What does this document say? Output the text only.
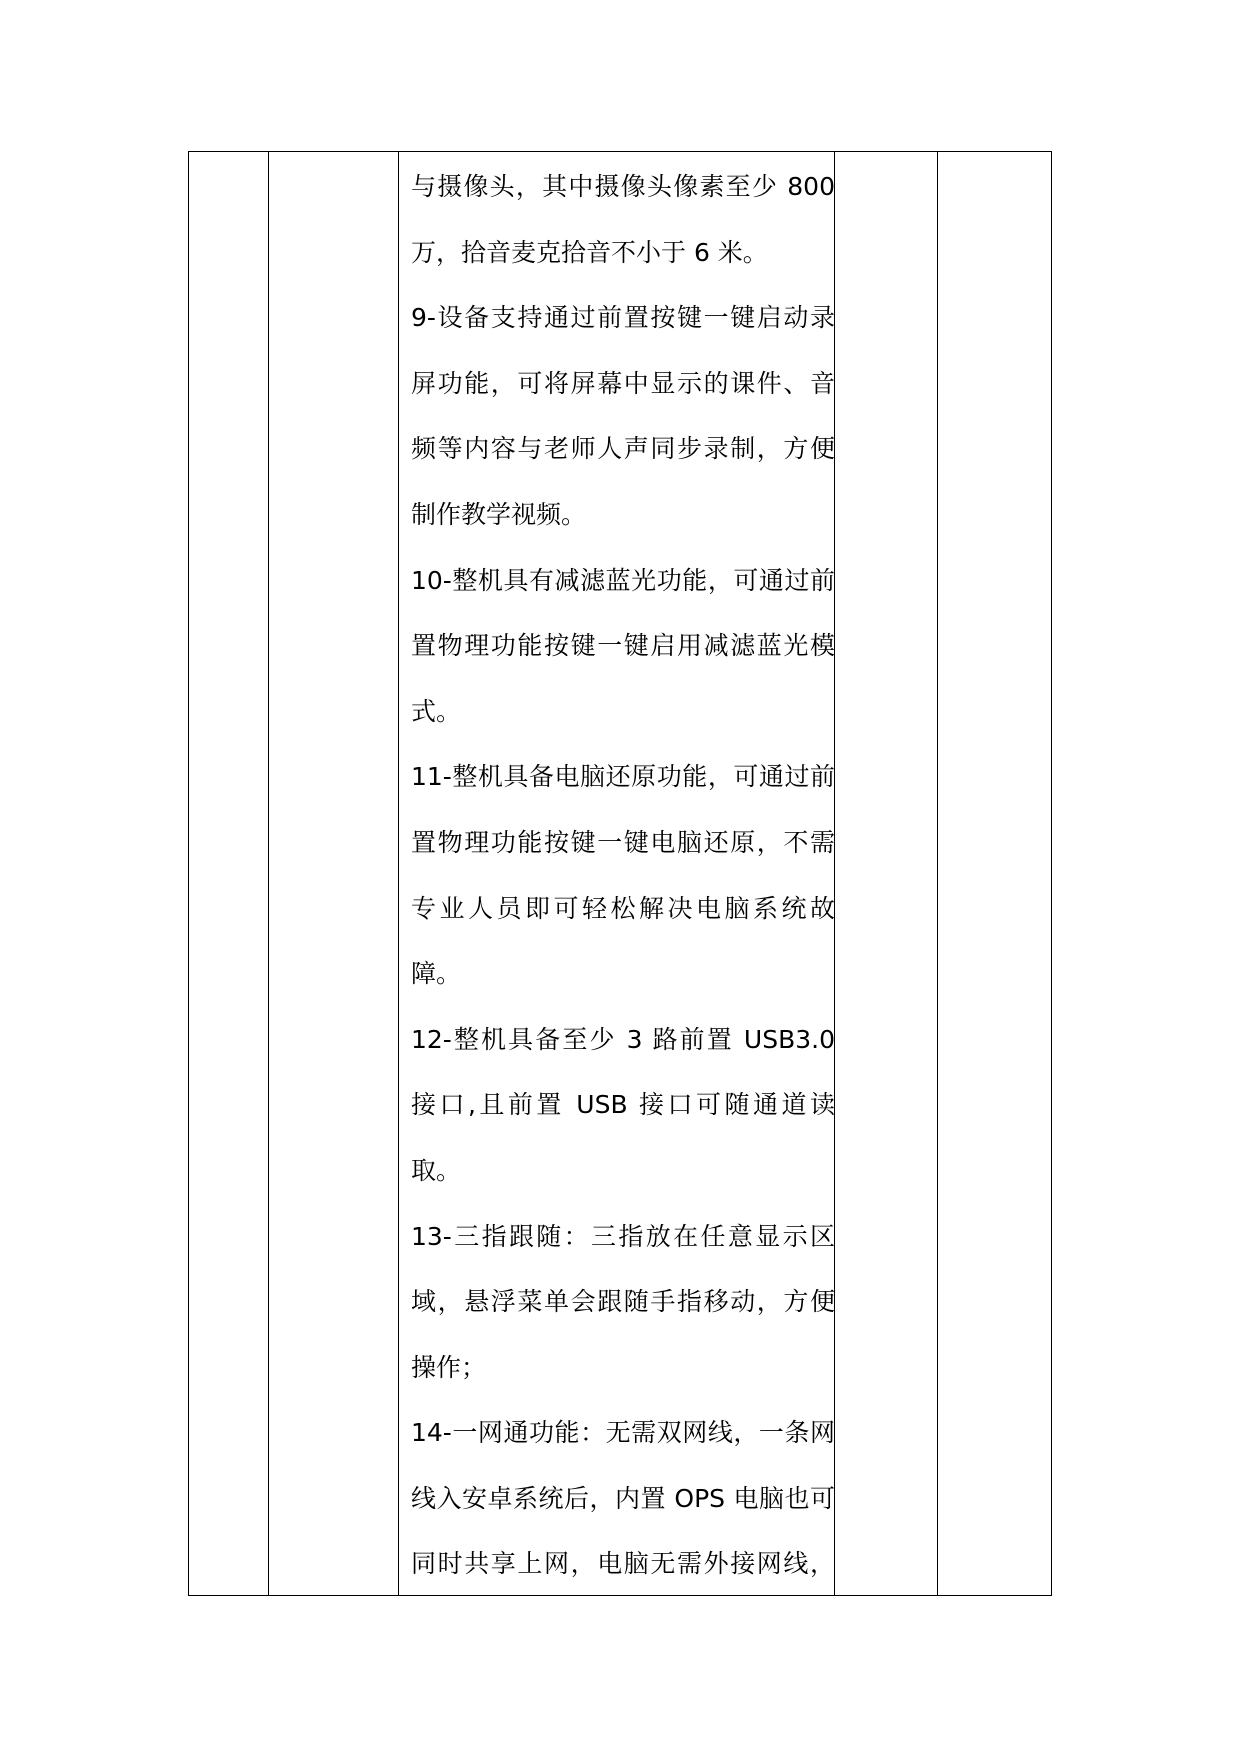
与摄像头，其中摄像头像素至少 800
万，拾音麦克拾音不小于 6 米。
9-设备支持通过前置按键一键启动录
屏功能，可将屏幕中显示的课件、音
频等内容与老师人声同步录制，方便
制作教学视频。
10-整机具有减滤蓝光功能，可通过前
置物理功能按键一键启用减滤蓝光模
式。
11-整机具备电脑还原功能，可通过前
置物理功能按键一键电脑还原，不需
专业人员即可轻松解决电脑系统故
障。
12-整机具备至少 3 路前置 USB3.0
接口,且前置 USB 接口可随通道读
取。
13-三指跟随：三指放在任意显示区
域，悬浮菜单会跟随手指移动，方便
操作；
14-一网通功能：无需双网线，一条网
线入安卓系统后，内置 OPS 电脑也可
同时共享上网，电脑无需外接网线，
